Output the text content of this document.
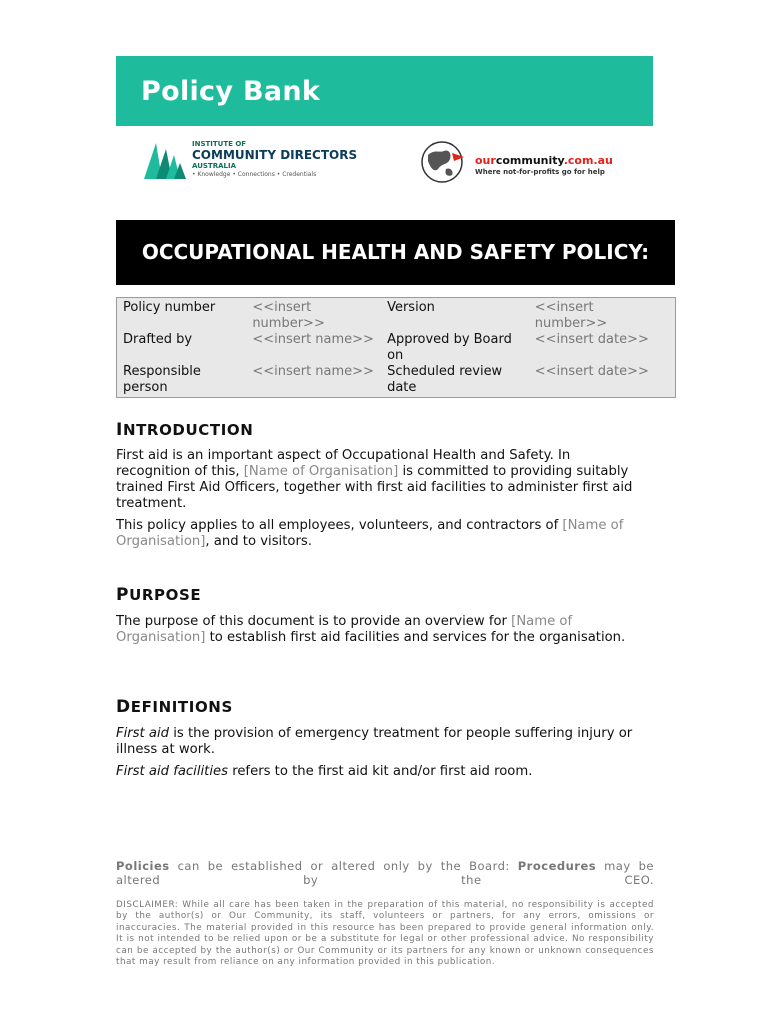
Policy Bank
INSTITUTE OF
COMMUNITY DIRECTORS
AUSTRALIA
• Knowledge • Connections • Credentials
ourcommunity.com.au
Where not-for-profits go for help
OCCUPATIONAL HEALTH AND SAFETY POLICY:
Policy number	<<insert number>>	Version	<<insert number>>
Drafted by	<<insert name>>	Approved by Board on	<<insert date>>
Responsible person	<<insert name>>	Scheduled review date	<<insert date>>
INTRODUCTION
First aid is an important aspect of Occupational Health and Safety. In recognition of this, [Name of Organisation] is committed to providing suitably trained First Aid Officers, together with first aid facilities to administer first aid treatment.
This policy applies to all employees, volunteers, and contractors of [Name of Organisation], and to visitors.
PURPOSE
The purpose of this document is to provide an overview for [Name of Organisation] to establish first aid facilities and services for the organisation.
DEFINITIONS
First aid is the provision of emergency treatment for people suffering injury or illness at work.
First aid facilities refers to the first aid kit and/or first aid room.
Policies can be established or altered only by the Board: Procedures may be altered by the CEO.
DISCLAIMER: While all care has been taken in the preparation of this material, no responsibility is accepted by the author(s) or Our Community, its staff, volunteers or partners, for any errors, omissions or inaccuracies. The material provided in this resource has been prepared to provide general information only. It is not intended to be relied upon or be a substitute for legal or other professional advice. No responsibility can be accepted by the author(s) or Our Community or its partners for any known or unknown consequences that may result from reliance on any information provided in this publication.
